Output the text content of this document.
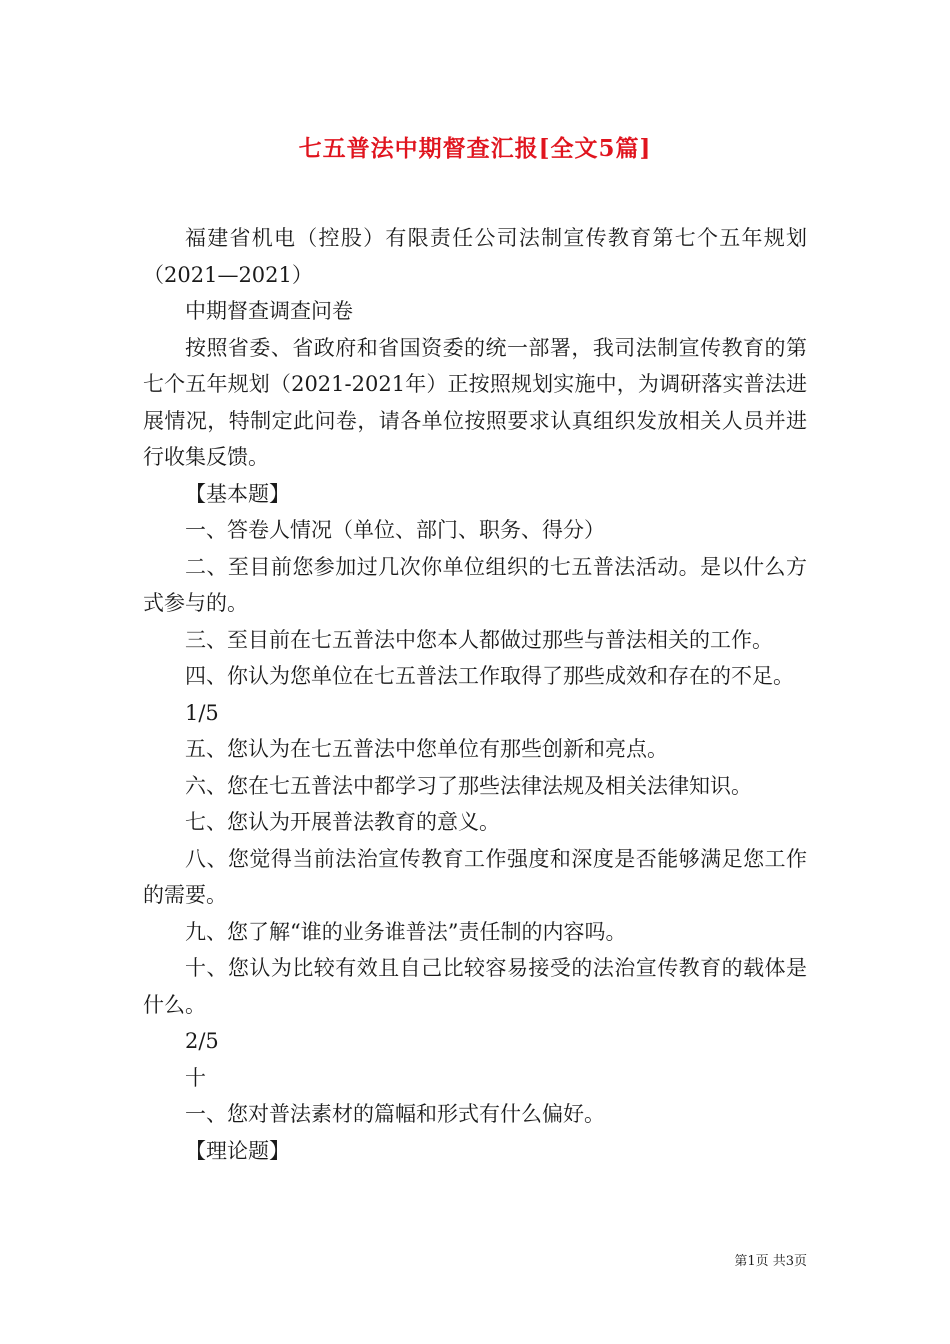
七五普法中期督查汇报[全文5篇]

福建省机电（控股）有限责任公司法制宣传教育第七个五年规划（2021—2021）

中期督查调查问卷

按照省委、省政府和省国资委的统一部署，我司法制宣传教育的第七个五年规划（2021-2021年）正按照规划实施中，为调研落实普法进展情况，特制定此问卷，请各单位按照要求认真组织发放相关人员并进行收集反馈。

【基本题】

一、答卷人情况（单位、部门、职务、得分）

二、至目前您参加过几次你单位组织的七五普法活动。是以什么方式参与的。

三、至目前在七五普法中您本人都做过那些与普法相关的工作。

四、你认为您单位在七五普法工作取得了那些成效和存在的不足。

1/5

五、您认为在七五普法中您单位有那些创新和亮点。

六、您在七五普法中都学习了那些法律法规及相关法律知识。

七、您认为开展普法教育的意义。

八、您觉得当前法治宣传教育工作强度和深度是否能够满足您工作的需要。

九、您了解“谁的业务谁普法”责任制的内容吗。

十、您认为比较有效且自己比较容易接受的法治宣传教育的载体是什么。

2/5

十

一、您对普法素材的篇幅和形式有什么偏好。

【理论题】

第1页 共3页
